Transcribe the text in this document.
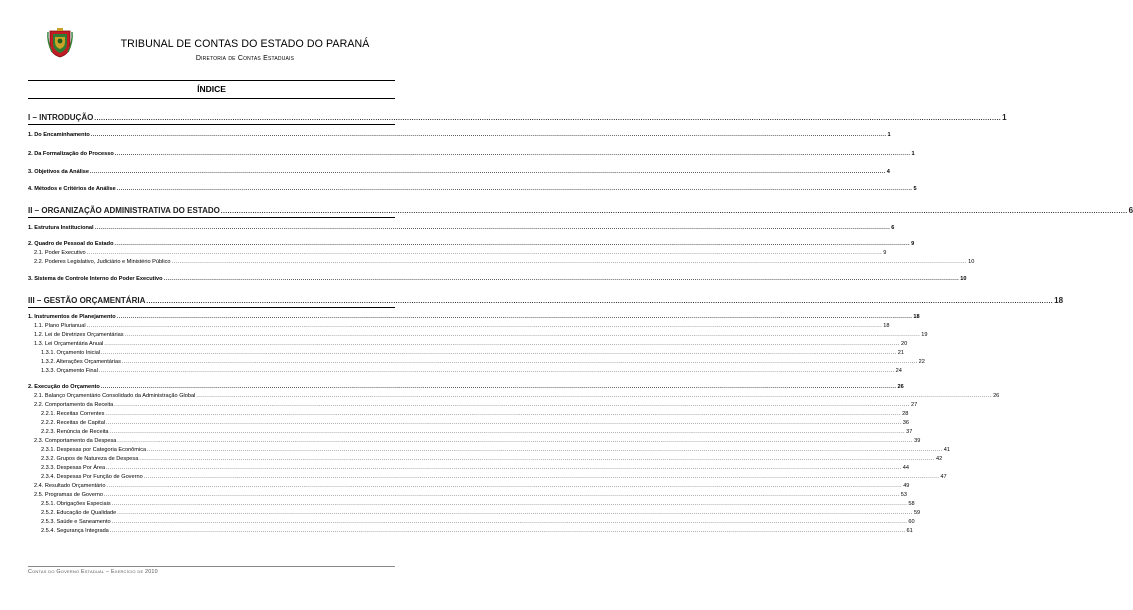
TRIBUNAL DE CONTAS DO ESTADO DO PARANÁ
Diretoria de Contas Estaduais
ÍNDICE
I – INTRODUÇÃO ................................................................................................................................................................................................................................................................................................................................................................................................................ 1
1. Do Encaminhamento ................................................................................................................................................................................................................................................................................................................................................................................................................ 1
2. Da Formalização do Processo ................................................................................................................................................................................................................................................................................................................................................................................................................ 1
3. Objetivos da Análise ................................................................................................................................................................................................................................................................................................................................................................................................................ 4
4. Métodos e Critérios de Análise ................................................................................................................................................................................................................................................................................................................................................................................................................ 5
II – ORGANIZAÇÃO ADMINISTRATIVA DO ESTADO ................................................................................................................................................................................................................................................................................................................................................................................................................ 6
1. Estrutura Institucional ................................................................................................................................................................................................................................................................................................................................................................................................................ 6
2. Quadro de Pessoal do Estado ................................................................................................................................................................................................................................................................................................................................................................................................................ 9
2.1. Poder Executivo ................................................................................................................................................................................................................................................................................................................................................................................................................ 9
2.2. Poderes Legislativo, Judiciário e Ministério Público ................................................................................................................................................................................................................................................................................................................................................................................................................ 10
3. Sistema de Controle Interno do Poder Executivo ................................................................................................................................................................................................................................................................................................................................................................................................................ 10
III – GESTÃO ORÇAMENTÁRIA ................................................................................................................................................................................................................................................................................................................................................................................................................ 18
1. Instrumentos de Planejamento ................................................................................................................................................................................................................................................................................................................................................................................................................ 18
1.1. Plano Plurianual ................................................................................................................................................................................................................................................................................................................................................................................................................ 18
1.2. Lei de Diretrizes Orçamentárias ................................................................................................................................................................................................................................................................................................................................................................................................................ 19
1.3. Lei Orçamentária Anual ................................................................................................................................................................................................................................................................................................................................................................................................................ 20
1.3.1. Orçamento Inicial ................................................................................................................................................................................................................................................................................................................................................................................................................ 21
1.3.2. Alterações Orçamentárias ................................................................................................................................................................................................................................................................................................................................................................................................................ 22
1.3.3. Orçamento Final ................................................................................................................................................................................................................................................................................................................................................................................................................ 24
2. Execução do Orçamento ................................................................................................................................................................................................................................................................................................................................................................................................................ 26
2.1. Balanço Orçamentário Consolidado da Administração Global ................................................................................................................................................................................................................................................................................................................................................................................................................ 26
2.2. Comportamento da Receita ................................................................................................................................................................................................................................................................................................................................................................................................................ 27
2.2.1. Receitas Correntes ................................................................................................................................................................................................................................................................................................................................................................................................................ 28
2.2.2. Receitas de Capital ................................................................................................................................................................................................................................................................................................................................................................................................................ 36
2.2.3. Renúncia de Receita ................................................................................................................................................................................................................................................................................................................................................................................................................ 37
2.3. Comportamento da Despesa ................................................................................................................................................................................................................................................................................................................................................................................................................ 39
2.3.1. Despesas por Categoria Econômica ................................................................................................................................................................................................................................................................................................................................................................................................................ 41
2.3.2. Grupos de Natureza de Despesa ................................................................................................................................................................................................................................................................................................................................................................................................................ 42
2.3.3. Despesas Por Área ................................................................................................................................................................................................................................................................................................................................................................................................................ 44
2.3.4. Despesas Por Função de Governo ................................................................................................................................................................................................................................................................................................................................................................................................................ 47
2.4. Resultado Orçamentário ................................................................................................................................................................................................................................................................................................................................................................................................................ 49
2.5. Programas de Governo ................................................................................................................................................................................................................................................................................................................................................................................................................ 53
2.5.1. Obrigações Especiais ................................................................................................................................................................................................................................................................................................................................................................................................................ 58
2.5.2. Educação de Qualidade ................................................................................................................................................................................................................................................................................................................................................................................................................ 59
2.5.3. Saúde e Saneamento ................................................................................................................................................................................................................................................................................................................................................................................................................ 60
2.5.4. Segurança Integrada ................................................................................................................................................................................................................................................................................................................................................................................................................ 61
Contas do Governo Estadual – Exercício de 2010
